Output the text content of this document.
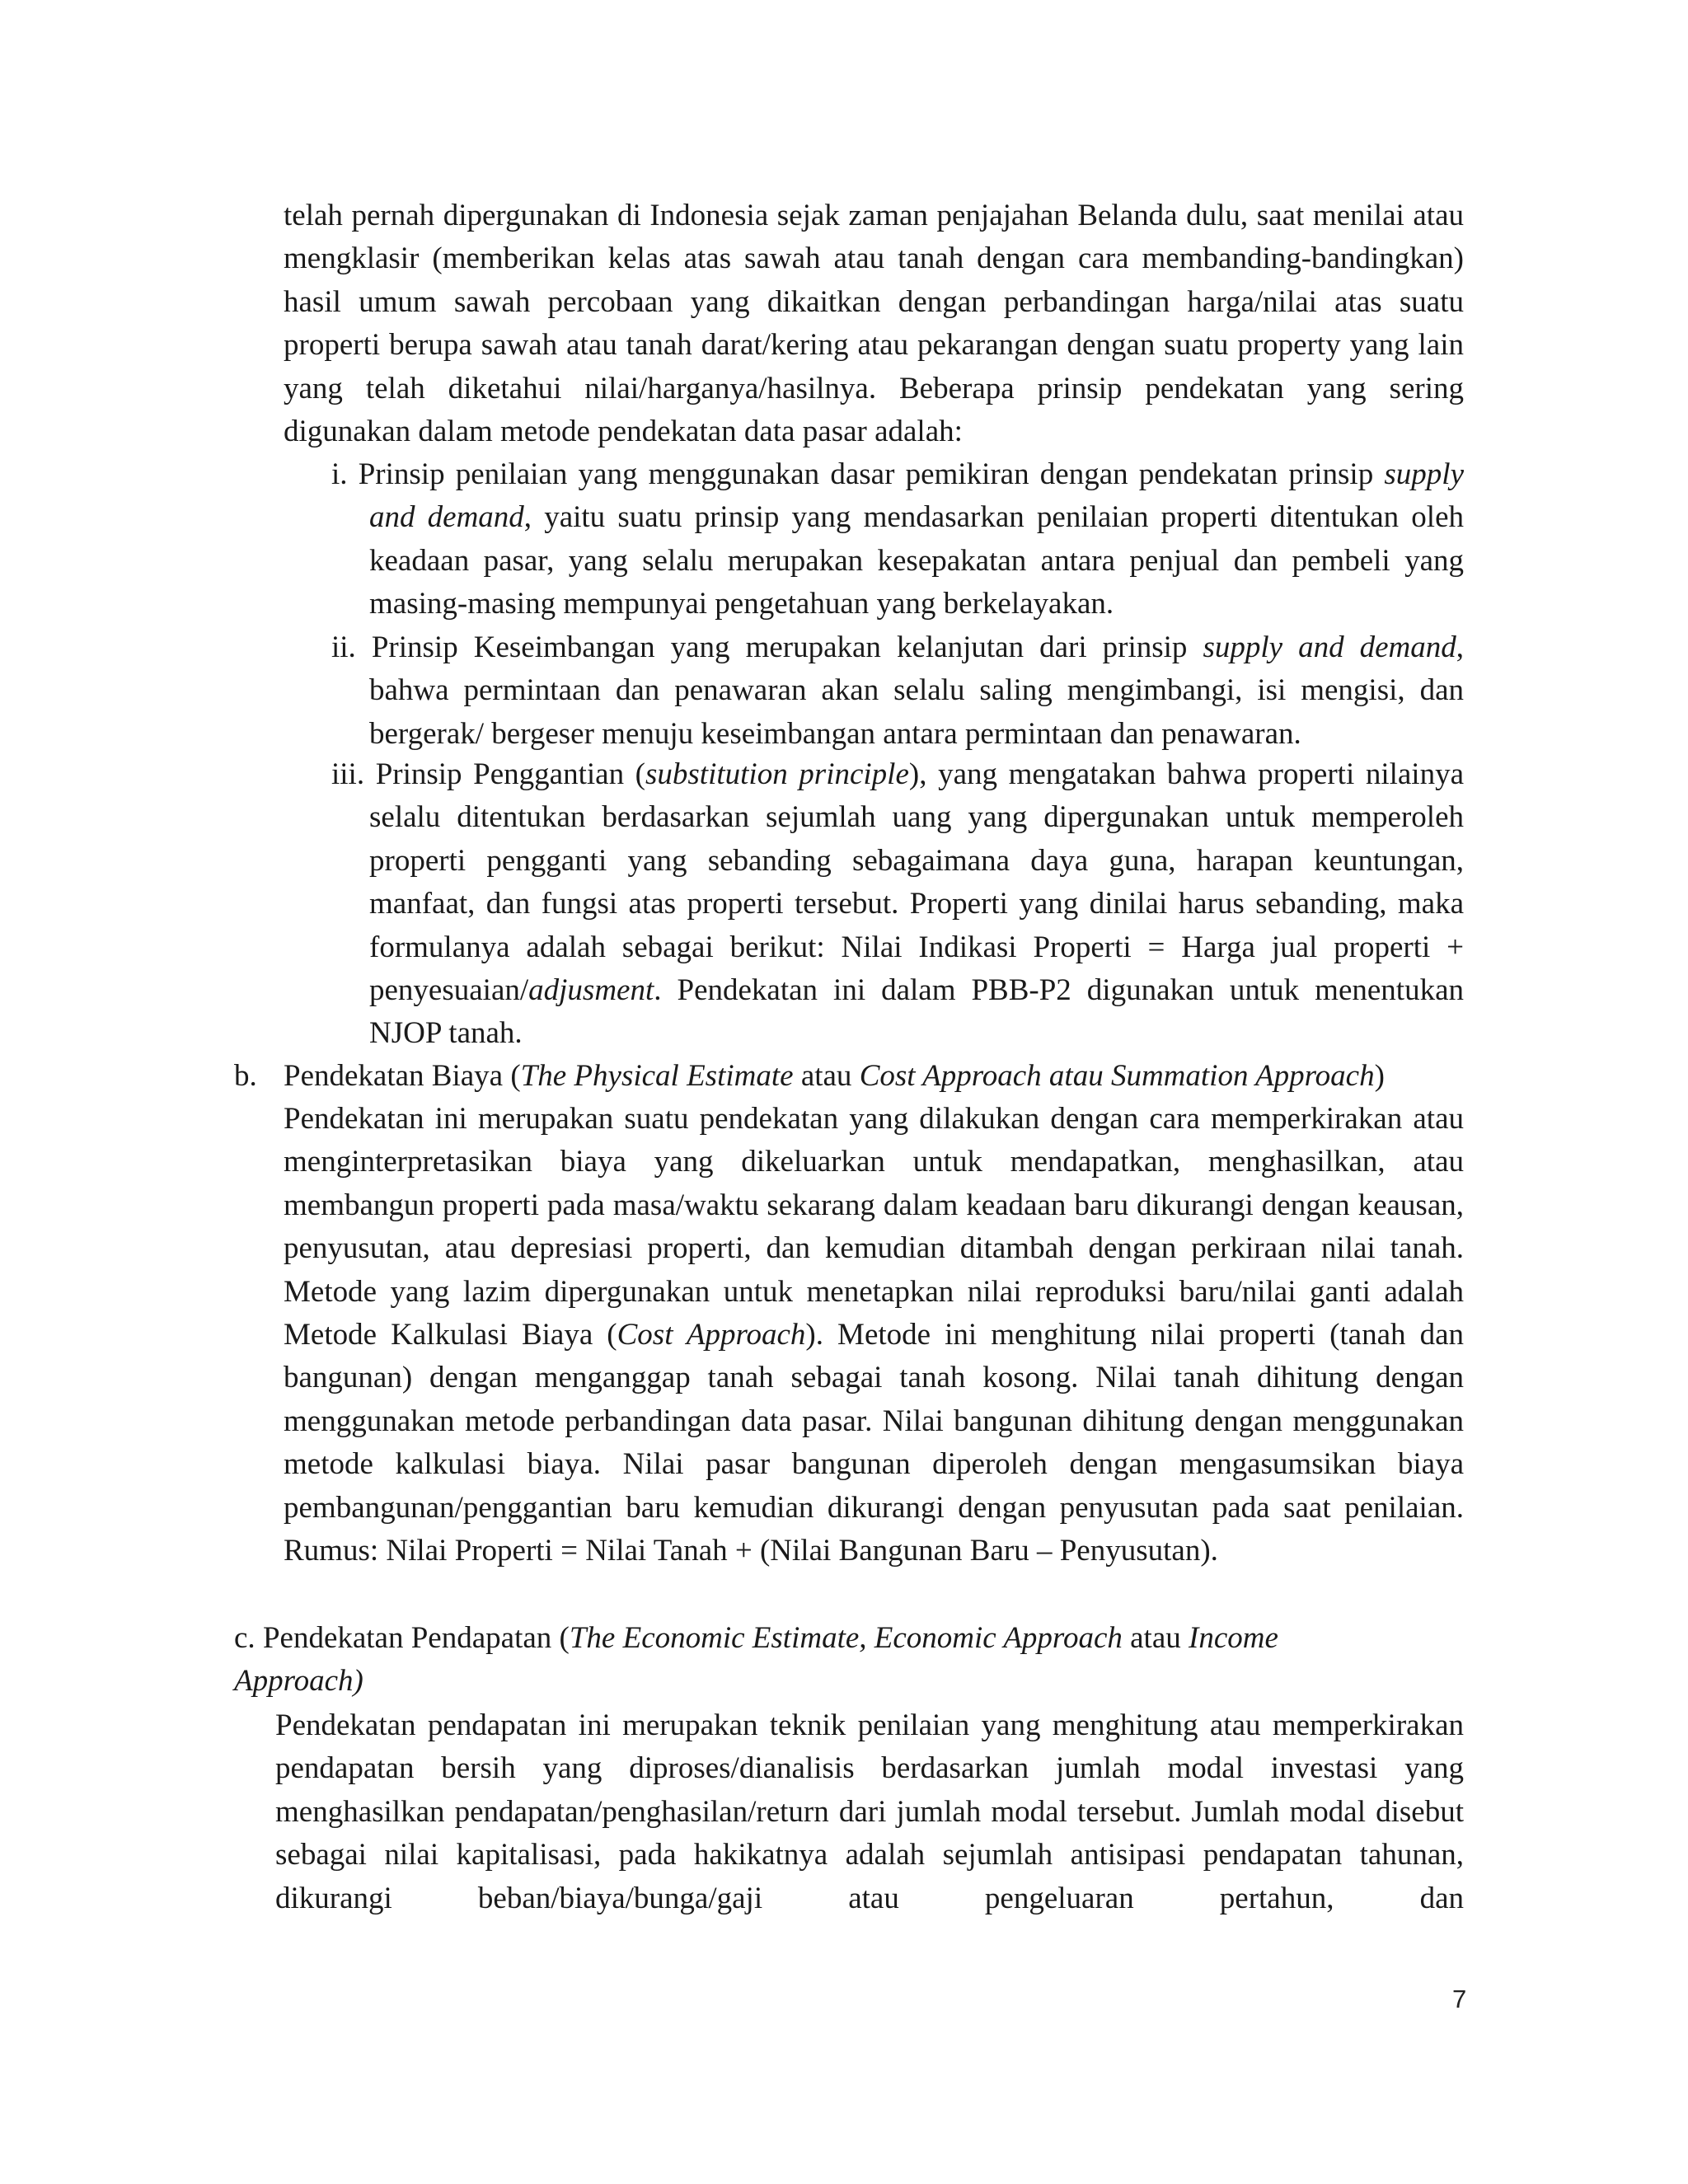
telah pernah dipergunakan di Indonesia sejak zaman penjajahan Belanda dulu, saat menilai atau mengklasir (memberikan kelas atas sawah atau tanah dengan cara membanding-bandingkan) hasil umum sawah percobaan yang dikaitkan dengan perbandingan harga/nilai atas suatu properti berupa sawah atau tanah darat/kering atau pekarangan dengan suatu property yang lain yang telah diketahui nilai/harganya/hasilnya. Beberapa prinsip pendekatan yang sering digunakan dalam metode pendekatan data pasar adalah:

i. Prinsip penilaian yang menggunakan dasar pemikiran dengan pendekatan prinsip supply and demand, yaitu suatu prinsip yang mendasarkan penilaian properti ditentukan oleh keadaan pasar, yang selalu merupakan kesepakatan antara penjual dan pembeli yang masing-masing mempunyai pengetahuan yang berkelayakan.

ii. Prinsip Keseimbangan yang merupakan kelanjutan dari prinsip supply and demand, bahwa permintaan dan penawaran akan selalu saling mengimbangi, isi mengisi, dan bergerak/ bergeser menuju keseimbangan antara permintaan dan penawaran.

iii. Prinsip Penggantian (substitution principle), yang mengatakan bahwa properti nilainya selalu ditentukan berdasarkan sejumlah uang yang dipergunakan untuk memperoleh properti pengganti yang sebanding sebagaimana daya guna, harapan keuntungan, manfaat, dan fungsi atas properti tersebut. Properti yang dinilai harus sebanding, maka formulanya adalah sebagai berikut: Nilai Indikasi Properti = Harga jual properti + penyesuaian/adjusment. Pendekatan ini dalam PBB-P2 digunakan untuk menentukan NJOP tanah.

b. Pendekatan Biaya (The Physical Estimate atau Cost Approach atau Summation Approach)

Pendekatan ini merupakan suatu pendekatan yang dilakukan dengan cara memperkirakan atau menginterpretasikan biaya yang dikeluarkan untuk mendapatkan, menghasilkan, atau membangun properti pada masa/waktu sekarang dalam keadaan baru dikurangi dengan keausan, penyusutan, atau depresiasi properti, dan kemudian ditambah dengan perkiraan nilai tanah. Metode yang lazim dipergunakan untuk menetapkan nilai reproduksi baru/nilai ganti adalah Metode Kalkulasi Biaya (Cost Approach). Metode ini menghitung nilai properti (tanah dan bangunan) dengan menganggap tanah sebagai tanah kosong. Nilai tanah dihitung dengan menggunakan metode perbandingan data pasar. Nilai bangunan dihitung dengan menggunakan metode kalkulasi biaya. Nilai pasar bangunan diperoleh dengan mengasumsikan biaya pembangunan/penggantian baru kemudian dikurangi dengan penyusutan pada saat penilaian. Rumus: Nilai Properti = Nilai Tanah + (Nilai Bangunan Baru – Penyusutan).

c. Pendekatan Pendapatan (The Economic Estimate, Economic Approach atau Income Approach)

Pendekatan pendapatan ini merupakan teknik penilaian yang menghitung atau memperkirakan pendapatan bersih yang diproses/dianalisis berdasarkan jumlah modal investasi yang menghasilkan pendapatan/penghasilan/return dari jumlah modal tersebut. Jumlah modal disebut sebagai nilai kapitalisasi, pada hakikatnya adalah sejumlah antisipasi pendapatan tahunan, dikurangi beban/biaya/bunga/gaji atau pengeluaran pertahun, dan

7
